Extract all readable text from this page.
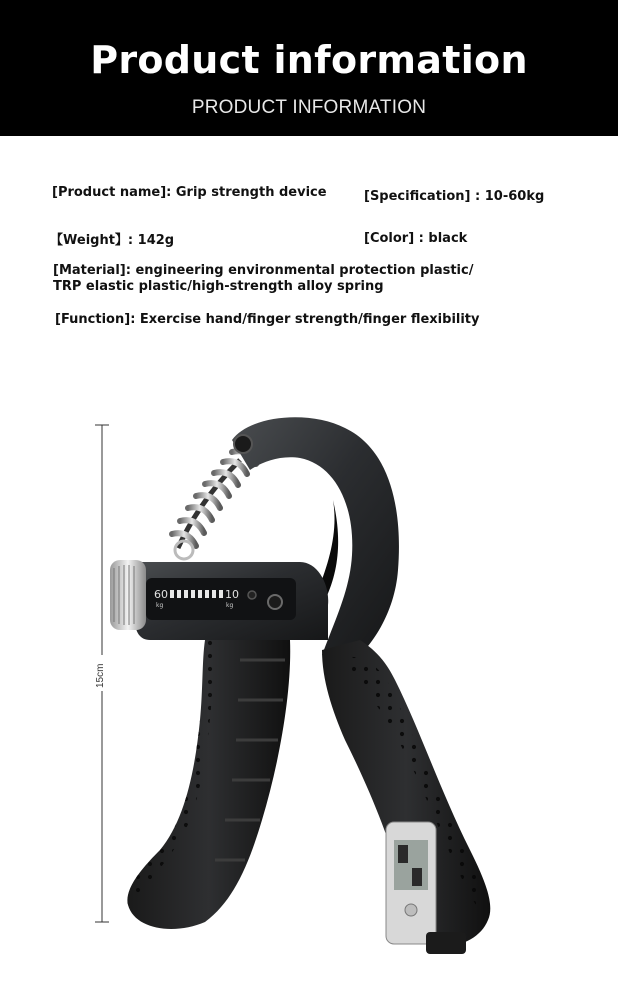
Product information
PRODUCT INFORMATION
[Product name]: Grip strength device	[Specification] : 10-60kg
【Weight】: 142g	[Color] : black
[Material]: engineering environmental protection plastic/
TRP elastic plastic/high-strength alloy spring
[Function]: Exercise hand/finger strength/finger flexibility
15cm
60
kg
10
kg
